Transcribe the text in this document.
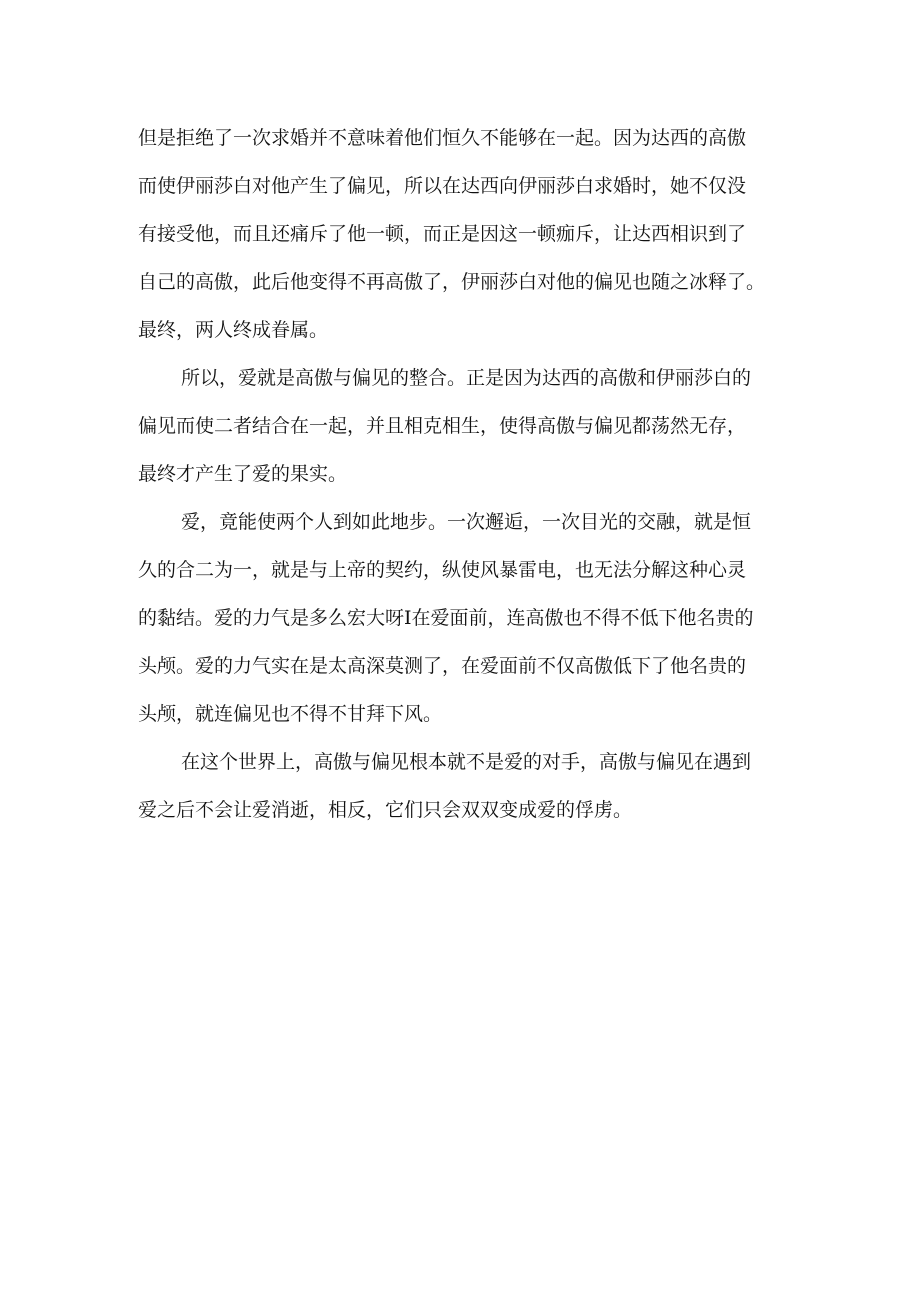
但是拒绝了一次求婚并不意味着他们恒久不能够在一起。因为达西的高傲
而使伊丽莎白对他产生了偏见，所以在达西向伊丽莎白求婚时，她不仅没
有接受他，而且还痛斥了他一顿，而正是因这一顿痂斥，让达西相识到了
自己的高傲，此后他变得不再高傲了，伊丽莎白对他的偏见也随之冰释了。
最终，两人终成眷属。
所以，爱就是高傲与偏见的整合。正是因为达西的高傲和伊丽莎白的
偏见而使二者结合在一起，并且相克相生，使得高傲与偏见都荡然无存，
最终才产生了爱的果实。
爱，竟能使两个人到如此地步。一次邂逅，一次目光的交融，就是恒
久的合二为一，就是与上帝的契约，纵使风暴雷电，也无法分解这种心灵
的黏结。爱的力气是多么宏大呀I在爱面前，连高傲也不得不低下他名贵的
头颅。爱的力气实在是太高深莫测了，在爱面前不仅高傲低下了他名贵的
头颅，就连偏见也不得不甘拜下风。
在这个世界上，高傲与偏见根本就不是爱的对手，高傲与偏见在遇到
爱之后不会让爱消逝，相反，它们只会双双变成爱的俘虏。
